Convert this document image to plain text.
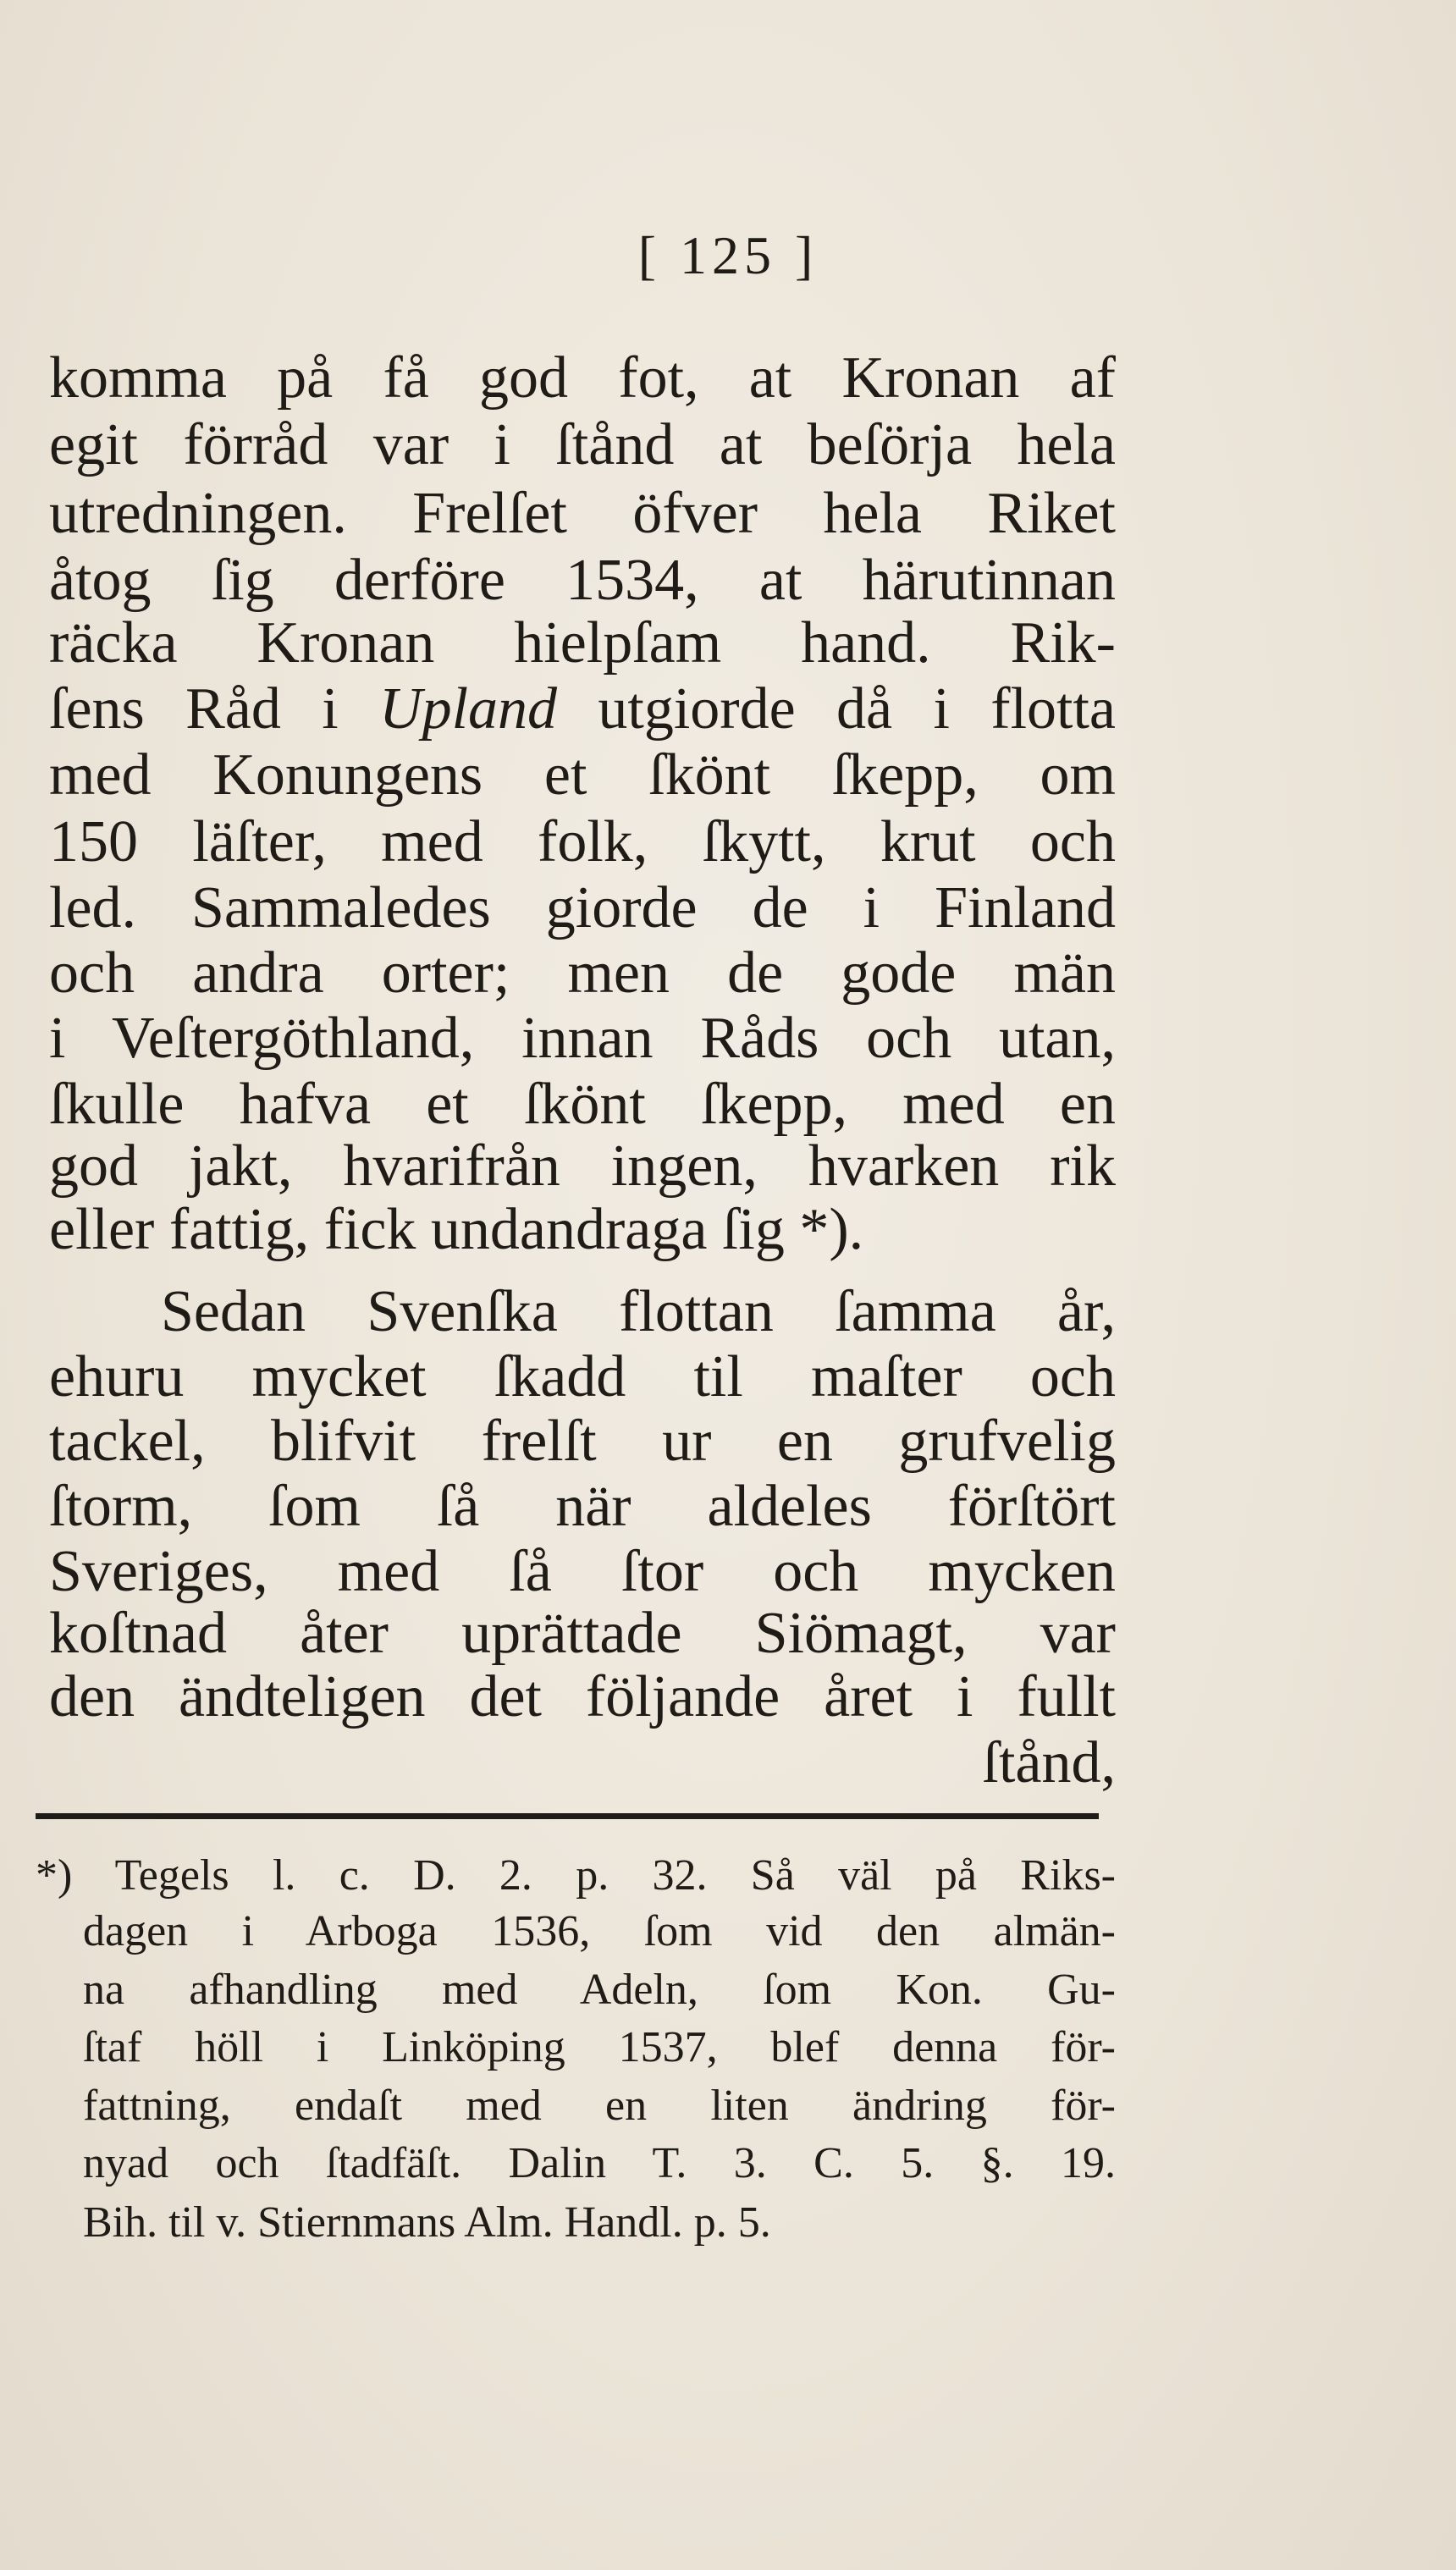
[ 125 ]
komma på få god fot, at Kronan af
egit förråd var i ſtånd at beſörja hela
utredningen. Frelſet öfver hela Riket
åtog ſig derföre 1534, at härutinnan
räcka Kronan hielpſam hand. Rik-
ſens Råd i Upland utgiorde då i flotta
med Konungens et ſkönt ſkepp, om
150 läſter, med folk, ſkytt, krut och
led. Sammaledes giorde de i Finland
och andra orter; men de gode män
i Veſtergöthland, innan Råds och utan,
ſkulle hafva et ſkönt ſkepp, med en
god jakt, hvarifrån ingen, hvarken rik
eller fattig, fick undandraga ſig *).
Sedan Svenſka flottan ſamma år,
ehuru mycket ſkadd til maſter och
tackel, blifvit frelſt ur en grufvelig
ſtorm, ſom ſå när aldeles förſtört
Sveriges, med ſå ſtor och mycken
koſtnad åter uprättade Siömagt, var
den ändteligen det följande året i fullt
ſtånd,
*) Tegels l. c. D. 2. p. 32. Så väl på Riks-
dagen i Arboga 1536, ſom vid den almän-
na afhandling med Adeln, ſom Kon. Gu-
ſtaf höll i Linköping 1537, blef denna för-
fattning, endaſt med en liten ändring för-
nyad och ſtadfäſt. Dalin T. 3. C. 5. §. 19.
Bih. til v. Stiernmans Alm. Handl. p. 5.
